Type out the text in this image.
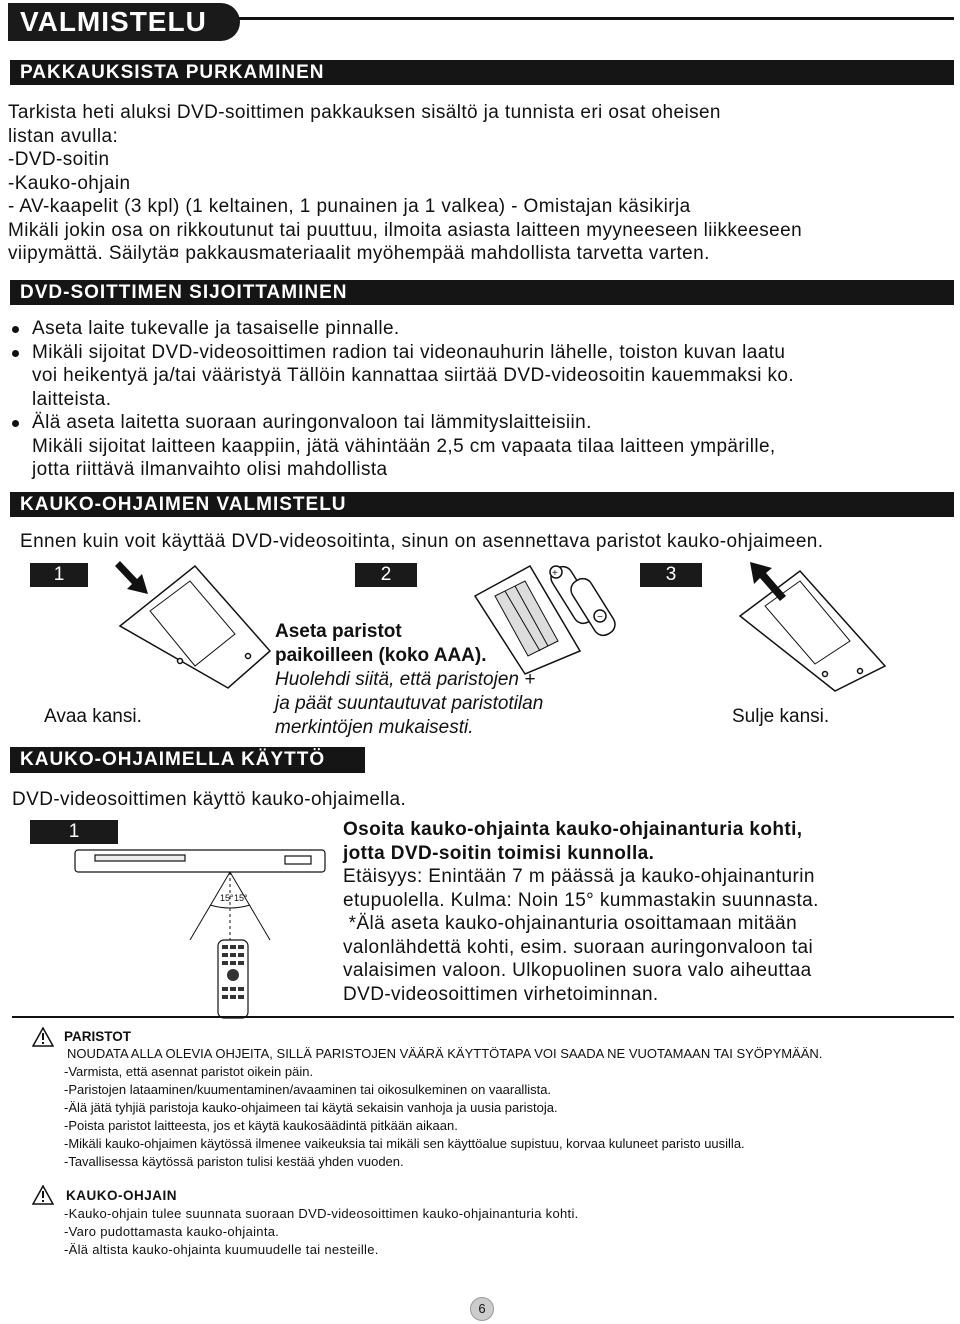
VALMISTELU
PAKKAUKSISTA PURKAMINEN
Tarkista heti aluksi DVD-soittimen pakkauksen sisältö ja tunnista eri osat oheisen
listan avulla:
-DVD-soitin
-Kauko-ohjain
- AV-kaapelit (3 kpl) (1 keltainen, 1 punainen ja 1 valkea) - Omistajan käsikirja
Mikäli jokin osa on rikkoutunut tai puuttuu, ilmoita asiasta laitteen myyneeseen liikkeeseen
viipymättä. Säilytä¤ pakkausmateriaalit myöhempää mahdollista tarvetta varten.
DVD-SOITTIMEN SIJOITTAMINEN
Aseta laite tukevalle ja tasaiselle pinnalle.
Mikäli sijoitat DVD-videosoittimen radion tai videonauhurin lähelle, toiston kuvan laatu
voi heikentyä ja/tai vääristyä Tällöin kannattaa siirtää DVD-videosoitin kauemmaksi ko.
laitteista.
Älä aseta laitetta suoraan auringonvaloon tai lämmityslaitteisiin.
Mikäli sijoitat laitteen kaappiin, jätä vähintään 2,5 cm vapaata tilaa laitteen ympärille,
jotta riittävä ilmanvaihto olisi mahdollista
KAUKO-OHJAIMEN VALMISTELU
Ennen kuin voit käyttää DVD-videosoitinta, sinun on asennettava paristot kauko-ohjaimeen.
1	2	3
Avaa kansi.
+
−
Aseta paristot
paikoilleen (koko AAA).
Huolehdi siitä, että paristojen +
ja päät suuntautuvat paristotilan
merkintöjen mukaisesti.
Sulje kansi.
KAUKO-OHJAIMELLA KÄYTTÖ
DVD-videosoittimen käyttö kauko-ohjaimella.
1
15° 15°
Osoita kauko-ohjainta kauko-ohjainanturia kohti,
jotta DVD-soitin toimisi kunnolla.
Etäisyys: Enintään 7 m päässä ja kauko-ohjainanturin
etupuolella. Kulma: Noin 15° kummastakin suunnasta.
*Älä aseta kauko-ohjainanturia osoittamaan mitään
valonlähdettä kohti, esim. suoraan auringonvaloon tai
valaisimen valoon. Ulkopuolinen suora valo aiheuttaa
DVD-videosoittimen virhetoiminnan.
PARISTOT
NOUDATA ALLA OLEVIA OHJEITA, SILLÄ PARISTOJEN VÄÄRÄ KÄYTTÖTAPA VOI SAADA NE VUOTAMAAN TAI SYÖPYMÄÄN.
-Varmista, että asennat paristot oikein päin.
-Paristojen lataaminen/kuumentaminen/avaaminen tai oikosulkeminen on vaarallista.
-Älä jätä tyhjiä paristoja kauko-ohjaimeen tai käytä sekaisin vanhoja ja uusia paristoja.
-Poista paristot laitteesta, jos et käytä kaukosäädintä pitkään aikaan.
-Mikäli kauko-ohjaimen käytössä ilmenee vaikeuksia tai mikäli sen käyttöalue supistuu, korvaa kuluneet paristo uusilla.
-Tavallisessa käytössä pariston tulisi kestää yhden vuoden.
KAUKO-OHJAIN
-Kauko-ohjain tulee suunnata suoraan DVD-videosoittimen kauko-ohjainanturia kohti.
-Varo pudottamasta kauko-ohjainta.
-Älä altista kauko-ohjainta kuumuudelle tai nesteille.
6
